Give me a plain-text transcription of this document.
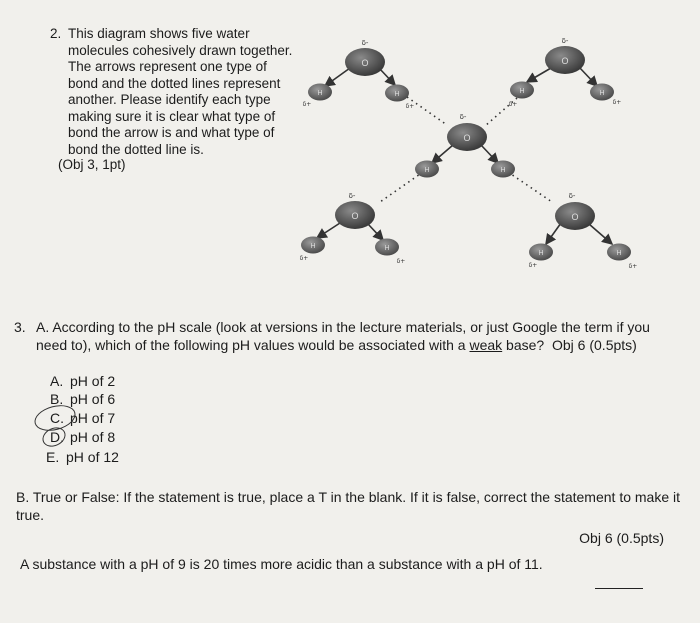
2. This diagram shows five water
molecules cohesively drawn together.
The arrows represent one type of
bond and the dotted lines represent
another. Please identify each type
making sure it is clear what type of
bond the arrow is and what type of
bond the dotted line is.
(Obj 3, 1pt)
O
δ-
H
δ+
H
δ+
O
δ-
H
δ+
H
δ+
O
δ-
H	H
O
δ-
H
δ+
H
δ+
O
δ-
H
δ+
H
δ+
3. A. According to the pH scale (look at versions in the lecture materials, or just Google the term if you need to), which of the following pH values would be associated with a weak base? Obj 6 (0.5pts)
A. pH of 2
B. pH of 6
C. pH of 7
D. pH of 8
E. pH of 12
B. True or False: If the statement is true, place a T in the blank. If it is false, correct the statement to make it true.
Obj 6 (0.5pts)
A substance with a pH of 9 is 20 times more acidic than a substance with a pH of 11.
